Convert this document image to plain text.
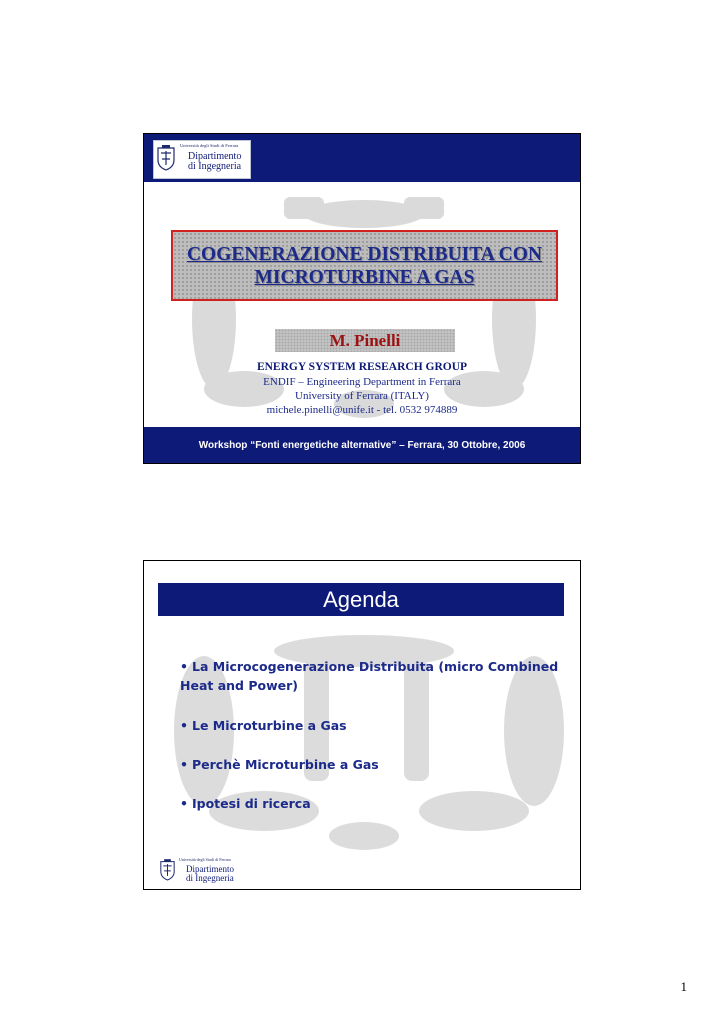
Università degli Studi di Ferrara
Dipartimento
di Ingegneria
COGENERAZIONE DISTRIBUITA CON
MICROTURBINE A GAS
M. Pinelli
ENERGY SYSTEM RESEARCH GROUP
ENDIF – Engineering Department in Ferrara
University of Ferrara (ITALY)
michele.pinelli@unife.it - tel. 0532 974889
Workshop “Fonti energetiche alternative” – Ferrara, 30 Ottobre, 2006
Agenda
• La Microcogenerazione Distribuita (micro Combined Heat and Power)
• Le Microturbine a Gas
• Perchè Microturbine a Gas
• Ipotesi di ricerca
Università degli Studi di Ferrara
Dipartimento
di Ingegneria
1
